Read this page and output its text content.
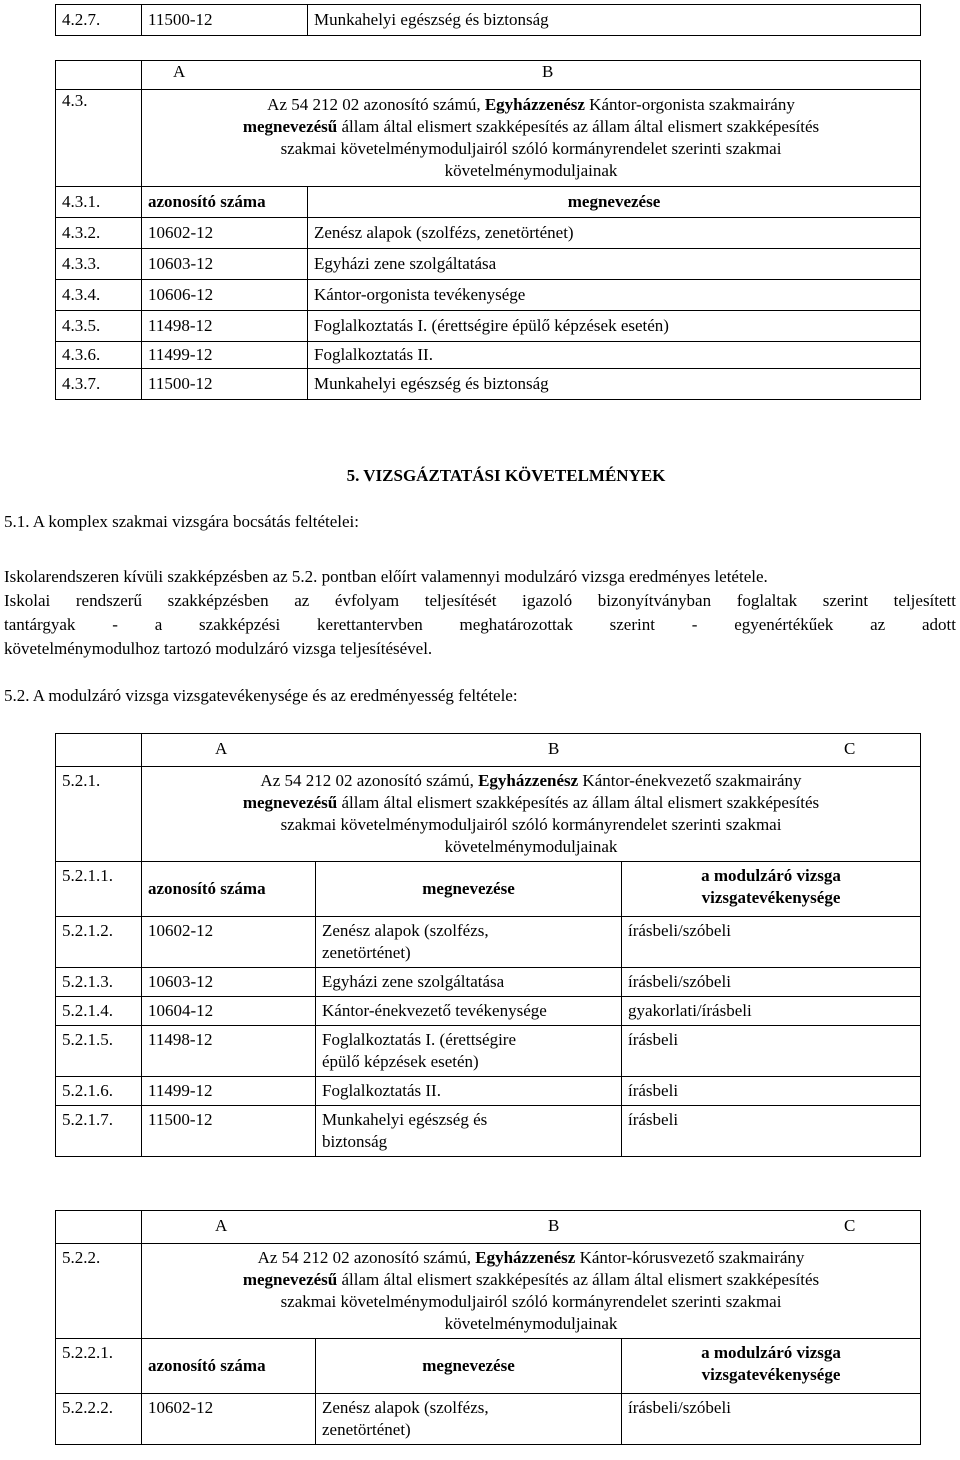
4.2.7.	11500-12	Munkahelyi egészség és biztonság

	A B	

4.3.	Az 54 212 02 azonosító számú, Egyházzenész Kántor-orgonista szakmairány
megnevezésű állam által elismert szakképesítés az állam által elismert szakképesítés
szakmai követelménymoduljairól szóló kormányrendelet szerinti szakmai
követelménymoduljainak	
4.3.1.	azonosító száma	megnevezése
4.3.2.	10602-12	Zenész alapok (szolfézs, zenetörténet)
4.3.3.	10603-12	Egyházi zene szolgáltatása
4.3.4.	10606-12	Kántor-orgonista tevékenysége
4.3.5.	11498-12	Foglalkoztatás I. (érettségire épülő képzések esetén)
4.3.6.	11499-12	Foglalkoztatás II.
4.3.7.	11500-12	Munkahelyi egészség és biztonság
5. VIZSGÁZTATÁSI KÖVETELMÉNYEK
5.1. A komplex szakmai vizsgára bocsátás feltételei:
Iskolarendszeren kívüli szakképzésben az 5.2. pontban előírt valamennyi modulzáró vizsga eredményes letétele.
Iskolai rendszerű szakképzésben az évfolyam teljesítését igazoló bizonyítványban foglaltak szerint teljesített
tantárgyak - a szakképzési kerettantervben meghatározottak szerint - egyenértékűek az adott
követelménymodulhoz tartozó modulzáró vizsga teljesítésével.
5.2. A modulzáró vizsga vizsgatevékenysége és az eredményesség feltétele:

	A B C		

5.2.1.	Az 54 212 02 azonosító számú, Egyházzenész Kántor-énekvezető szakmairány
megnevezésű állam által elismert szakképesítés az állam által elismert szakképesítés
szakmai követelménymoduljairól szóló kormányrendelet szerinti szakmai
követelménymoduljainak		
5.2.1.1.	azonosító száma	megnevezése	a modulzáró vizsga
vizsgatevékenysége
5.2.1.2.	10602-12	Zenész alapok (szolfézs,
zenetörténet)	írásbeli/szóbeli
5.2.1.3.	10603-12	Egyházi zene szolgáltatása	írásbeli/szóbeli
5.2.1.4.	10604-12	Kántor-énekvezető tevékenysége	gyakorlati/írásbeli
5.2.1.5.	11498-12	Foglalkoztatás I. (érettségire
épülő képzések esetén)	írásbeli
5.2.1.6.	11499-12	Foglalkoztatás II.	írásbeli
5.2.1.7.	11500-12	Munkahelyi egészség és
biztonság	írásbeli

	A B C		

5.2.2.	Az 54 212 02 azonosító számú, Egyházzenész Kántor-kórusvezető szakmairány
megnevezésű állam által elismert szakképesítés az állam által elismert szakképesítés
szakmai követelménymoduljairól szóló kormányrendelet szerinti szakmai
követelménymoduljainak		
5.2.2.1.	azonosító száma	megnevezése	a modulzáró vizsga
vizsgatevékenysége
5.2.2.2.	10602-12	Zenész alapok (szolfézs,
zenetörténet)	írásbeli/szóbeli
